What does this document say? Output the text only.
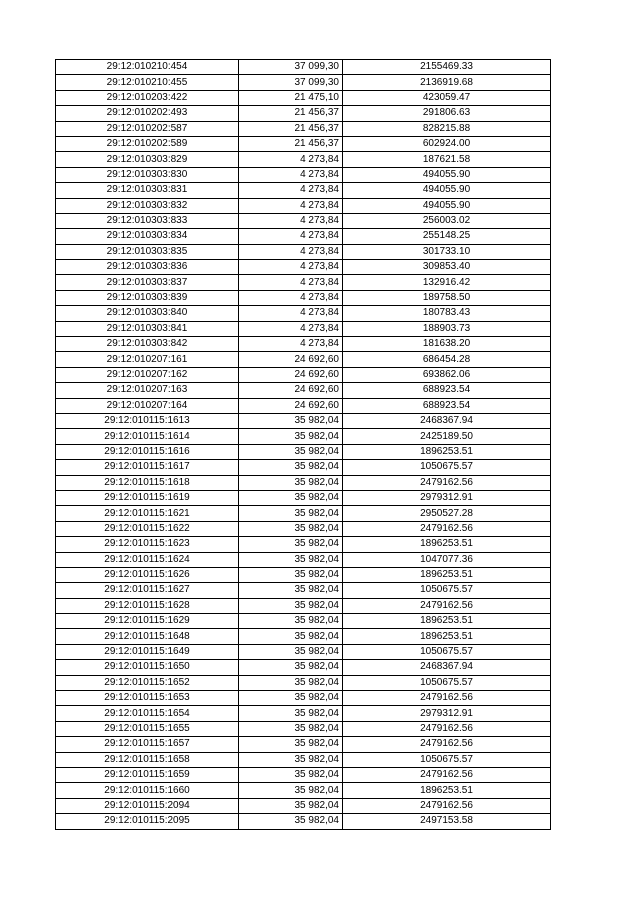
29:12:010210:454	37 099,30	2155469.33
29:12:010210:455	37 099,30	2136919.68
29:12:010203:422	21 475,10	423059.47
29:12:010202:493	21 456,37	291806.63
29:12:010202:587	21 456,37	828215.88
29:12:010202:589	21 456,37	602924.00
29:12:010303:829	4 273,84	187621.58
29:12:010303:830	4 273,84	494055.90
29:12:010303:831	4 273,84	494055.90
29:12:010303:832	4 273,84	494055.90
29:12:010303:833	4 273,84	256003.02
29:12:010303:834	4 273,84	255148.25
29:12:010303:835	4 273,84	301733.10
29:12:010303:836	4 273,84	309853.40
29:12:010303:837	4 273,84	132916.42
29:12:010303:839	4 273,84	189758.50
29:12:010303:840	4 273,84	180783.43
29:12:010303:841	4 273,84	188903.73
29:12:010303:842	4 273,84	181638.20
29:12:010207:161	24 692,60	686454.28
29:12:010207:162	24 692,60	693862.06
29:12:010207:163	24 692,60	688923.54
29:12:010207:164	24 692,60	688923.54
29:12:010115:1613	35 982,04	2468367.94
29:12:010115:1614	35 982,04	2425189.50
29:12:010115:1616	35 982,04	1896253.51
29:12:010115:1617	35 982,04	1050675.57
29:12:010115:1618	35 982,04	2479162.56
29:12:010115:1619	35 982,04	2979312.91
29:12:010115:1621	35 982,04	2950527.28
29:12:010115:1622	35 982,04	2479162.56
29:12:010115:1623	35 982,04	1896253.51
29:12:010115:1624	35 982,04	1047077.36
29:12:010115:1626	35 982,04	1896253.51
29:12:010115:1627	35 982,04	1050675.57
29:12:010115:1628	35 982,04	2479162.56
29:12:010115:1629	35 982,04	1896253.51
29:12:010115:1648	35 982,04	1896253.51
29:12:010115:1649	35 982,04	1050675.57
29:12:010115:1650	35 982,04	2468367.94
29:12:010115:1652	35 982,04	1050675.57
29:12:010115:1653	35 982,04	2479162.56
29:12:010115:1654	35 982,04	2979312.91
29:12:010115:1655	35 982,04	2479162.56
29:12:010115:1657	35 982,04	2479162.56
29:12:010115:1658	35 982,04	1050675.57
29:12:010115:1659	35 982,04	2479162.56
29:12:010115:1660	35 982,04	1896253.51
29:12:010115:2094	35 982,04	2479162.56
29:12:010115:2095	35 982,04	2497153.58
